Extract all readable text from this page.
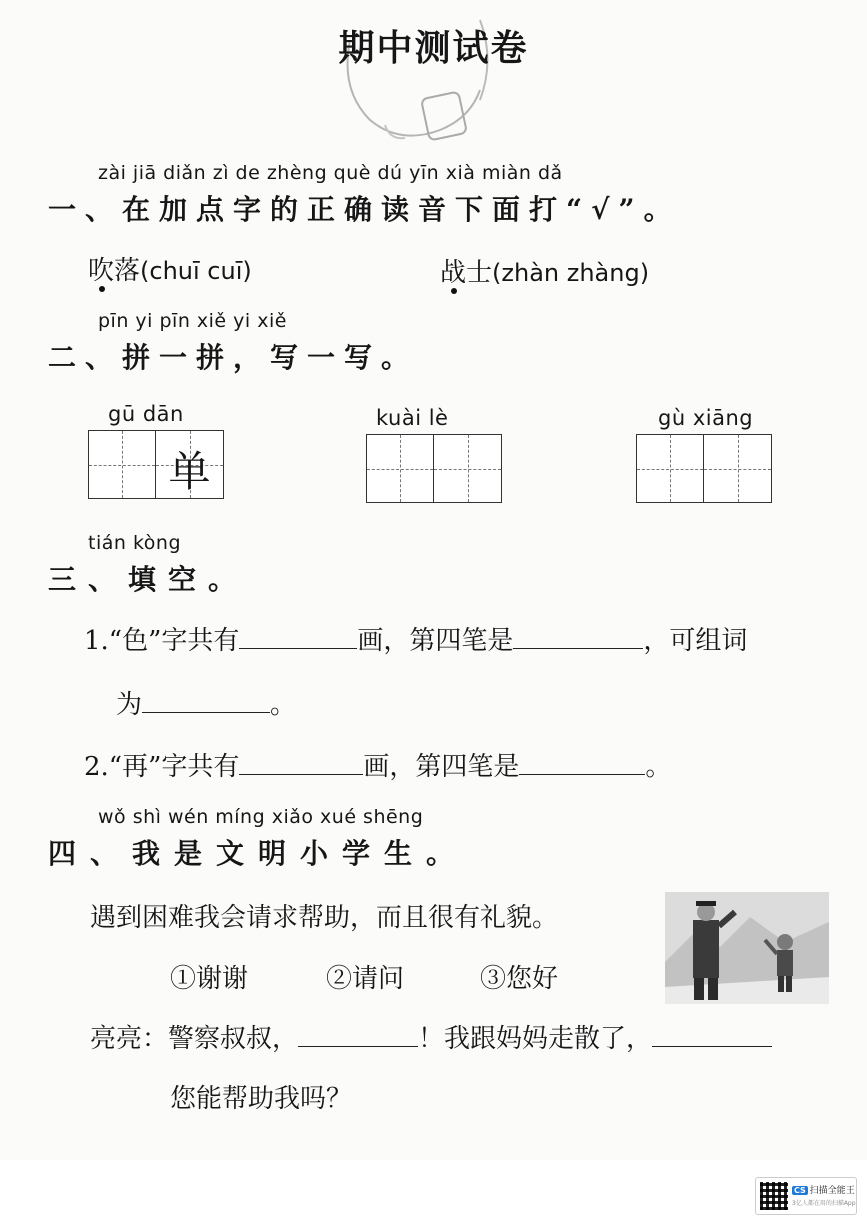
期中测试卷
zài jiā diǎn zì de zhèng què dú yīn xià miàn dǎ
一、在加点字的正确读音下面打“√”。
吹落(chuī cuī)	战士(zhàn zhàng)
pīn yi pīn xiě yi xiě
二、拼一拼，写一写。
gū dān
单
kuài lè	gù xiāng
tián kòng
三、填空。
1.“色”字共有	画，第四笔是	，可组词
为	。
2.“再”字共有	画，第四笔是	。
wǒ shì wén míng xiǎo xué shēng
四、我是文明小学生。
遇到困难我会请求帮助，而且很有礼貌。
①谢谢	②请问	③您好
亮亮：警察叔叔，	！我跟妈妈走散了，
您能帮助我吗？
CS 扫描全能王
3亿人都在用的扫描App
